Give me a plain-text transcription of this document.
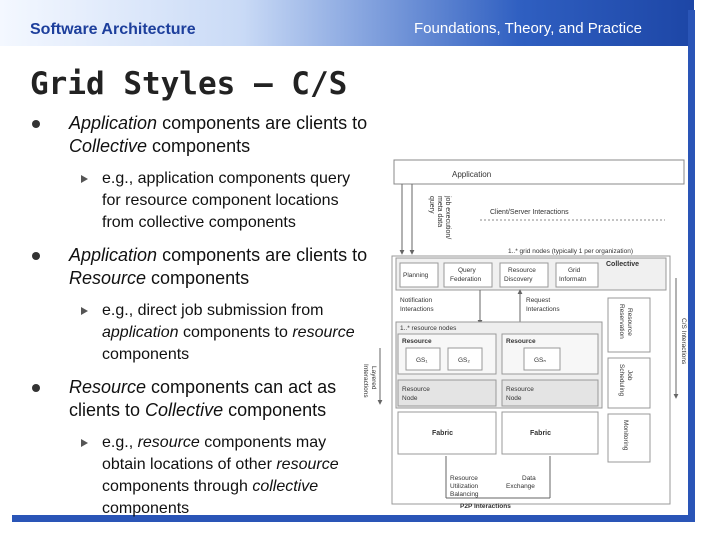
Software Architecture	Foundations, Theory, and Practice
Grid Styles – C/S
Application components are clients to Collective components
e.g., application components query for resource component locations from collective components
Application components are clients to Resource components
e.g., direct job submission from application components to resource components
Resource components can act as clients to Collective components
e.g., resource components may obtain locations of other resource components through collective components
Application
job execution/
meta data
query	Client/Server Interactions
1..* grid nodes (typically 1 per organization)
Collective
Planning
Query
Federation
Resource
Discovery
Grid
Informatn
Notification
Interactions
Request
Interactions
1..* resource nodes
Resource
GS₁	GS₂
Resource
GSₙ
Resource
Node
Resource
Node
Fabric	Fabric
Layered
Interactions
Resource
Reservation
Job
Scheduling
Monitoring
C/S Interactions
Resource
Utilization
Balancing
Data
Exchange
P2P Interactions
